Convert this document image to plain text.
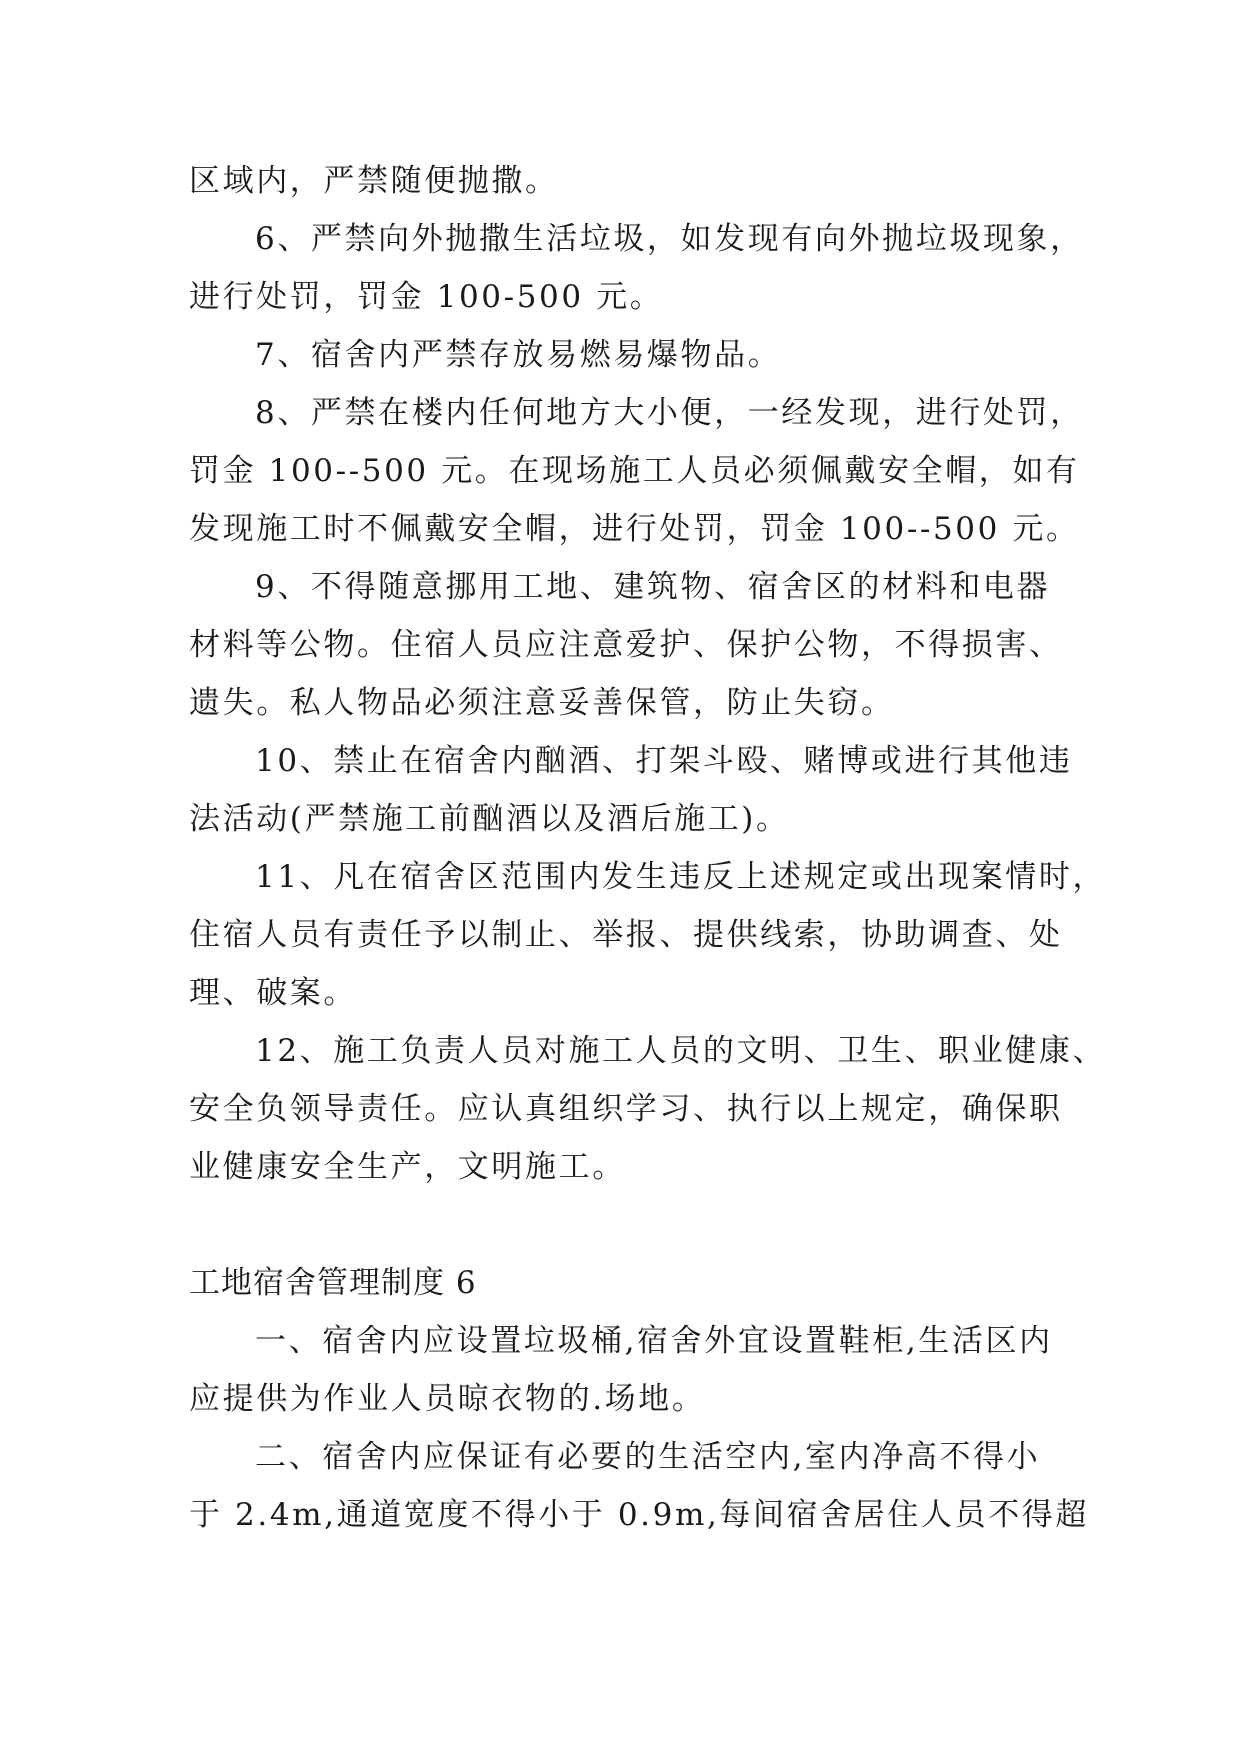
区域内，严禁随便抛撒。
6、严禁向外抛撒生活垃圾，如发现有向外抛垃圾现象，
进行处罚，罚金 100-500 元。
7、宿舍内严禁存放易燃易爆物品。
8、严禁在楼内任何地方大小便，一经发现，进行处罚，
罚金 100--500 元。在现场施工人员必须佩戴安全帽，如有
发现施工时不佩戴安全帽，进行处罚，罚金 100--500 元。
9、不得随意挪用工地、建筑物、宿舍区的材料和电器
材料等公物。住宿人员应注意爱护、保护公物，不得损害、
遗失。私人物品必须注意妥善保管，防止失窃。
10、禁止在宿舍内酗酒、打架斗殴、赌博或进行其他违
法活动(严禁施工前酗酒以及酒后施工)。
11、凡在宿舍区范围内发生违反上述规定或出现案情时，
住宿人员有责任予以制止、举报、提供线索，协助调查、处
理、破案。
12、施工负责人员对施工人员的文明、卫生、职业健康、
安全负领导责任。应认真组织学习、执行以上规定，确保职
业健康安全生产，文明施工。
工地宿舍管理制度 6
一、宿舍内应设置垃圾桶,宿舍外宜设置鞋柜,生活区内
应提供为作业人员晾衣物的.场地。
二、宿舍内应保证有必要的生活空内,室内净高不得小
于 2.4m,通道宽度不得小于 0.9m,每间宿舍居住人员不得超
